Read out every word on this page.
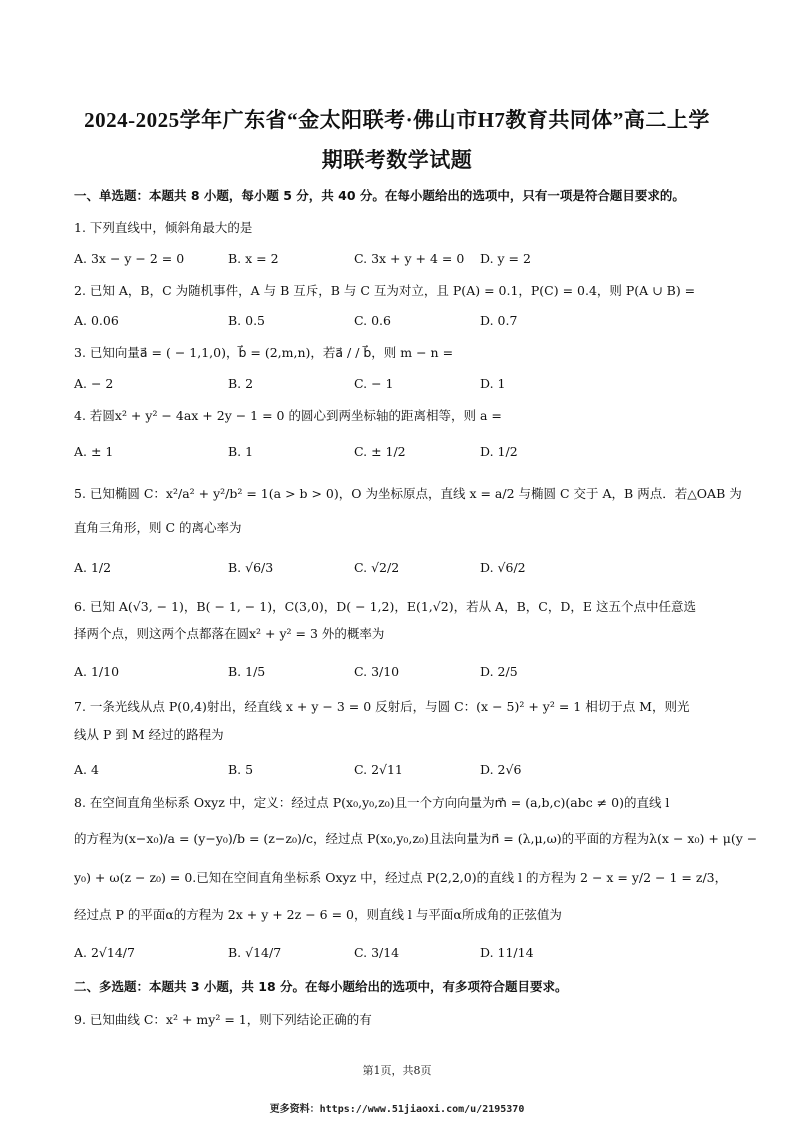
2024-2025学年广东省“金太阳联考·佛山市H7教育共同体”高二上学
期联考数学试题
一、单选题：本题共 8 小题，每小题 5 分，共 40 分。在每小题给出的选项中，只有一项是符合题目要求的。
1. 下列直线中，倾斜角最大的是
A. 3x − y − 2 = 0	B. x = 2	C. 3x + y + 4 = 0 D. y = 2
2. 已知 A，B，C 为随机事件，A 与 B 互斥，B 与 C 互为对立，且 P(A) = 0.1，P(C) = 0.4，则 P(A ∪ B) =
A. 0.06	B. 0.5	C. 0.6	D. 0.7
3. 已知向量a⃗ = ( − 1,1,0)，b⃗ = (2,m,n)，若a⃗ / / b⃗，则 m − n =
A. − 2	B. 2	C. − 1	D. 1
4. 若圆x² + y² − 4ax + 2y − 1 = 0 的圆心到两坐标轴的距离相等，则 a =
A. ± 1	B. 1	C. ± 1/2	D. 1/2
5. 已知椭圆 C：x²/a² + y²/b² = 1(a > b > 0)，O 为坐标原点，直线 x = a/2 与椭圆 C 交于 A，B 两点．若△OAB 为
直角三角形，则 C 的离心率为
A. 1/2	B. √6/3	C. √2/2	D. √6/2
6. 已知 A(√3, − 1)，B( − 1, − 1)，C(3,0)，D( − 1,2)，E(1,√2)，若从 A，B，C，D，E 这五个点中任意选
择两个点，则这两个点都落在圆x² + y² = 3 外的概率为
A. 1/10	B. 1/5	C. 3/10	D. 2/5
7. 一条光线从点 P(0,4)射出，经直线 x + y − 3 = 0 反射后，与圆 C：(x − 5)² + y² = 1 相切于点 M，则光
线从 P 到 M 经过的路程为
A. 4	B. 5	C. 2√11	D. 2√6
8. 在空间直角坐标系 Oxyz 中，定义：经过点 P(x₀,y₀,z₀)且一个方向向量为m⃗ = (a,b,c)(abc ≠ 0)的直线 l
的方程为(x−x₀)/a = (y−y₀)/b = (z−z₀)/c，经过点 P(x₀,y₀,z₀)且法向量为n⃗ = (λ,μ,ω)的平面的方程为λ(x − x₀) + μ(y −
y₀) + ω(z − z₀) = 0.已知在空间直角坐标系 Oxyz 中，经过点 P(2,2,0)的直线 l 的方程为 2 − x = y/2 − 1 = z/3，
经过点 P 的平面α的方程为 2x + y + 2z − 6 = 0，则直线 l 与平面α所成角的正弦值为
A. 2√14/7	B. √14/7	C. 3/14	D. 11/14
二、多选题：本题共 3 小题，共 18 分。在每小题给出的选项中，有多项符合题目要求。
9. 已知曲线 C：x² + my² = 1，则下列结论正确的有
第1页，共8页
更多资料：https://www.51jiaoxi.com/u/2195370
